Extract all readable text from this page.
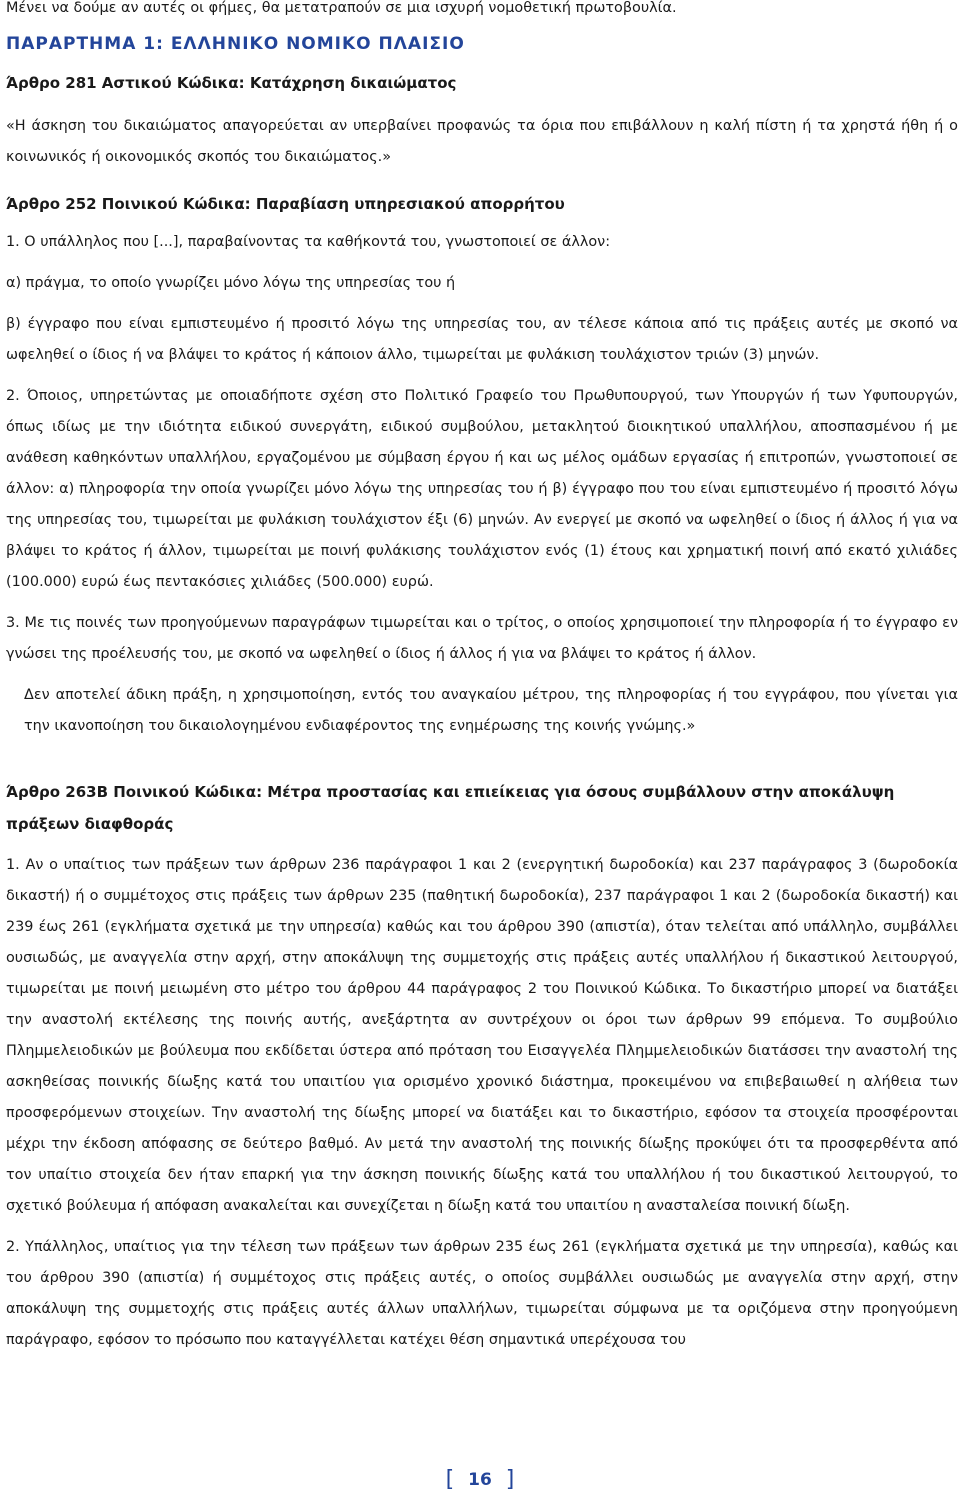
Μένει να δούμε αν αυτές οι φήμες, θα μετατραπούν σε μια ισχυρή νομοθετική πρωτοβουλία.

ΠΑΡΑΡΤΗΜΑ 1: ΕΛΛΗΝΙΚΟ ΝΟΜΙΚΟ ΠΛΑΙΣΙΟ
Άρθρο 281 Αστικού Κώδικα: Κατάχρηση δικαιώματος

«Η άσκηση του δικαιώματος απαγορεύεται αν υπερβαίνει προφανώς τα όρια που επιβάλλουν η καλή πίστη ή τα χρηστά ήθη ή ο κοινωνικός ή οικονομικός σκοπός του δικαιώματος.»

Άρθρο 252 Ποινικού Κώδικα: Παραβίαση υπηρεσιακού απορρήτου

1. Ο υπάλληλος που [...], παραβαίνοντας τα καθήκοντά του, γνωστοποιεί σε άλλον:

α) πράγμα, το οποίο γνωρίζει μόνο λόγω της υπηρεσίας του ή

β) έγγραφο που είναι εμπιστευμένο ή προσιτό λόγω της υπηρεσίας του, αν τέλεσε κάποια από τις πράξεις αυτές με σκοπό να ωφεληθεί ο ίδιος ή να βλάψει το κράτος ή κάποιον άλλο, τιμωρείται με φυλάκιση τουλάχιστον τριών (3) μηνών.

2. Όποιος, υπηρετώντας με οποιαδήποτε σχέση στο Πολιτικό Γραφείο του Πρωθυπουργού, των Υπουργών ή των Υφυπουργών, όπως ιδίως με την ιδιότητα ειδικού συνεργάτη, ειδικού συμβούλου, μετακλητού διοικητικού υπαλλήλου, αποσπασμένου ή με ανάθεση καθηκόντων υπαλλήλου, εργαζομένου με σύμβαση έργου ή και ως μέλος ομάδων εργασίας ή επιτροπών, γνωστοποιεί σε άλλον: α) πληροφορία την οποία γνωρίζει μόνο λόγω της υπηρεσίας του ή β) έγγραφο που του είναι εμπιστευμένο ή προσιτό λόγω της υπηρεσίας του, τιμωρείται με φυλάκιση τουλάχιστον έξι (6) μηνών. Αν ενεργεί με σκοπό να ωφεληθεί ο ίδιος ή άλλος ή για να βλάψει το κράτος ή άλλον, τιμωρείται με ποινή φυλάκισης τουλάχιστον ενός (1) έτους και χρηματική ποινή από εκατό χιλιάδες (100.000) ευρώ έως πεντακόσιες χιλιάδες (500.000) ευρώ.

3. Με τις ποινές των προηγούμενων παραγράφων τιμωρείται και ο τρίτος, ο οποίος χρησιμοποιεί την πληροφορία ή το έγγραφο εν γνώσει της προέλευσής του, με σκοπό να ωφεληθεί ο ίδιος ή άλλος ή για να βλάψει το κράτος ή άλλον.

Δεν αποτελεί άδικη πράξη, η χρησιμοποίηση, εντός του αναγκαίου μέτρου, της πληροφορίας ή του εγγράφου, που γίνεται για την ικανοποίηση του δικαιολογημένου ενδιαφέροντος της ενημέρωσης της κοινής γνώμης.»

Άρθρο 263Β Ποινικού Κώδικα: Μέτρα προστασίας και επιείκειας για όσους συμβάλλουν στην αποκάλυψη πράξεων διαφθοράς

1. Αν ο υπαίτιος των πράξεων των άρθρων 236 παράγραφοι 1 και 2 (ενεργητική δωροδοκία) και 237 παράγραφος 3 (δωροδοκία δικαστή) ή ο συμμέτοχος στις πράξεις των άρθρων 235 (παθητική δωροδοκία), 237 παράγραφοι 1 και 2 (δωροδοκία δικαστή) και 239 έως 261 (εγκλήματα σχετικά με την υπηρεσία) καθώς και του άρθρου 390 (απιστία), όταν τελείται από υπάλληλο, συμβάλλει ουσιωδώς, με αναγγελία στην αρχή, στην αποκάλυψη της συμμετοχής στις πράξεις αυτές υπαλλήλου ή δικαστικού λειτουργού, τιμωρείται με ποινή μειωμένη στο μέτρο του άρθρου 44 παράγραφος 2 του Ποινικού Κώδικα. Το δικαστήριο μπορεί να διατάξει την αναστολή εκτέλεσης της ποινής αυτής, ανεξάρτητα αν συντρέχουν οι όροι των άρθρων 99 επόμενα. Το συμβούλιο Πλημμελειοδικών με βούλευμα που εκδίδεται ύστερα από πρόταση του Εισαγγελέα Πλημμελειοδικών διατάσσει την αναστολή της ασκηθείσας ποινικής δίωξης κατά του υπαιτίου για ορισμένο χρονικό διάστημα, προκειμένου να επιβεβαιωθεί η αλήθεια των προσφερόμενων στοιχείων. Την αναστολή της δίωξης μπορεί να διατάξει και το δικαστήριο, εφόσον τα στοιχεία προσφέρονται μέχρι την έκδοση απόφασης σε δεύτερο βαθμό. Αν μετά την αναστολή της ποινικής δίωξης προκύψει ότι τα προσφερθέντα από τον υπαίτιο στοιχεία δεν ήταν επαρκή για την άσκηση ποινικής δίωξης κατά του υπαλλήλου ή του δικαστικού λειτουργού, το σχετικό βούλευμα ή απόφαση ανακαλείται και συνεχίζεται η δίωξη κατά του υπαιτίου η ανασταλείσα ποινική δίωξη.

2. Υπάλληλος, υπαίτιος για την τέλεση των πράξεων των άρθρων 235 έως 261 (εγκλήματα σχετικά με την υπηρεσία), καθώς και του άρθρου 390 (απιστία) ή συμμέτοχος στις πράξεις αυτές, ο οποίος συμβάλλει ουσιωδώς με αναγγελία στην αρχή, στην αποκάλυψη της συμμετοχής στις πράξεις αυτές άλλων υπαλλήλων, τιμωρείται σύμφωνα με τα οριζόμενα στην προηγούμενη παράγραφο, εφόσον το πρόσωπο που καταγγέλλεται κατέχει θέση σημαντικά υπερέχουσα του

[ 16 ]
